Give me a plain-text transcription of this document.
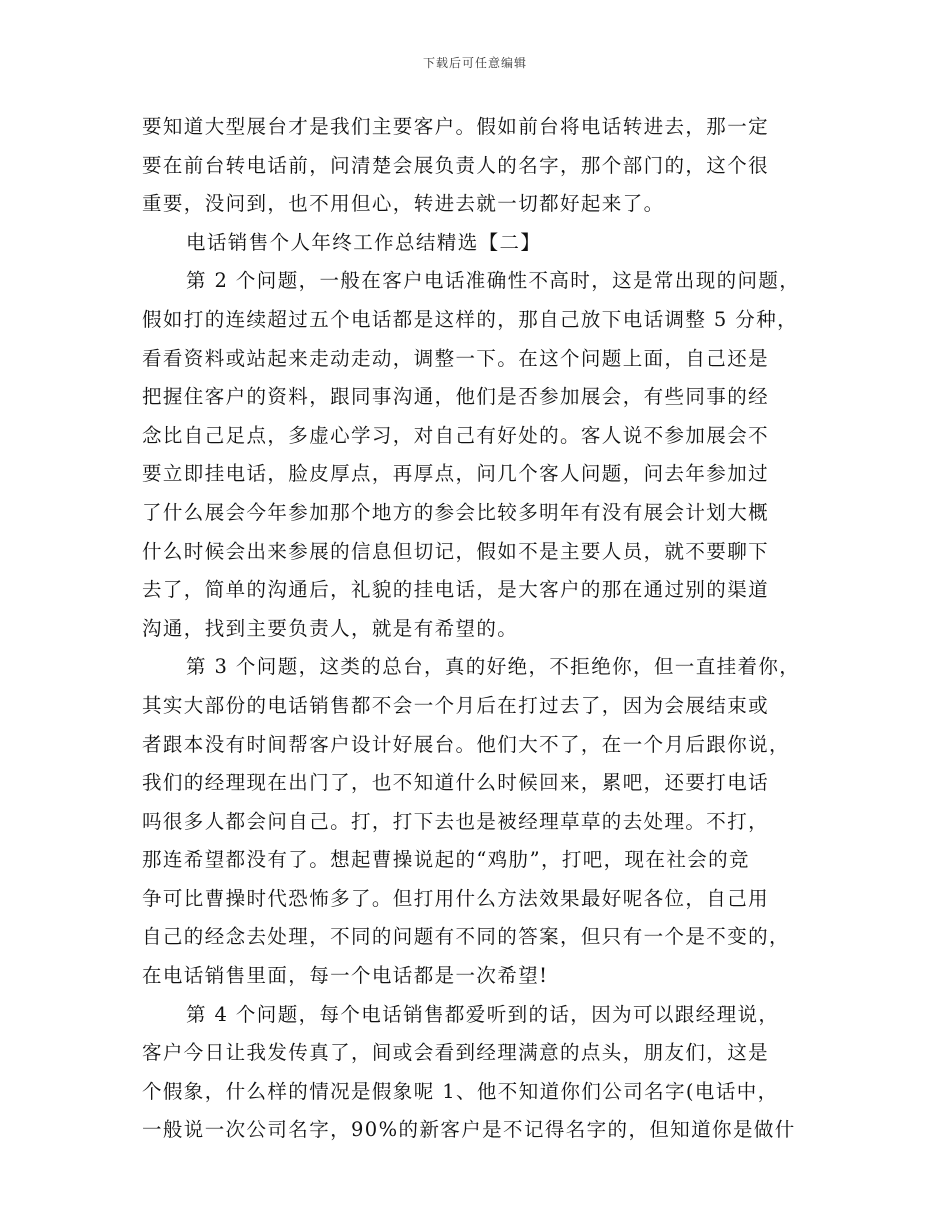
下载后可任意编辑
要知道大型展台才是我们主要客户。假如前台将电话转进去，那一定
要在前台转电话前，问清楚会展负责人的名字，那个部门的，这个很
重要，没问到，也不用但心，转进去就一切都好起来了。
电话销售个人年终工作总结精选【二】
第 2 个问题，一般在客户电话准确性不高时，这是常出现的问题，
假如打的连续超过五个电话都是这样的，那自己放下电话调整 5 分种，
看看资料或站起来走动走动，调整一下。在这个问题上面，自己还是
把握住客户的资料，跟同事沟通，他们是否参加展会，有些同事的经
念比自己足点，多虚心学习，对自己有好处的。客人说不参加展会不
要立即挂电话，脸皮厚点，再厚点，问几个客人问题，问去年参加过
了什么展会今年参加那个地方的参会比较多明年有没有展会计划大概
什么时候会出来参展的信息但切记，假如不是主要人员，就不要聊下
去了，简单的沟通后，礼貌的挂电话，是大客户的那在通过别的渠道
沟通，找到主要负责人，就是有希望的。
第 3 个问题，这类的总台，真的好绝，不拒绝你，但一直挂着你，
其实大部份的电话销售都不会一个月后在打过去了，因为会展结束或
者跟本没有时间帮客户设计好展台。他们大不了，在一个月后跟你说，
我们的经理现在出门了，也不知道什么时候回来，累吧，还要打电话
吗很多人都会问自己。打，打下去也是被经理草草的去处理。不打，
那连希望都没有了。想起曹操说起的“鸡肋”，打吧，现在社会的竞
争可比曹操时代恐怖多了。但打用什么方法效果最好呢各位，自己用
自己的经念去处理，不同的问题有不同的答案，但只有一个是不变的，
在电话销售里面，每一个电话都是一次希望!
第 4 个问题，每个电话销售都爱听到的话，因为可以跟经理说，
客户今日让我发传真了，间或会看到经理满意的点头，朋友们，这是
个假象，什么样的情况是假象呢 1、他不知道你们公司名字(电话中，
一般说一次公司名字，90%的新客户是不记得名字的，但知道你是做什
